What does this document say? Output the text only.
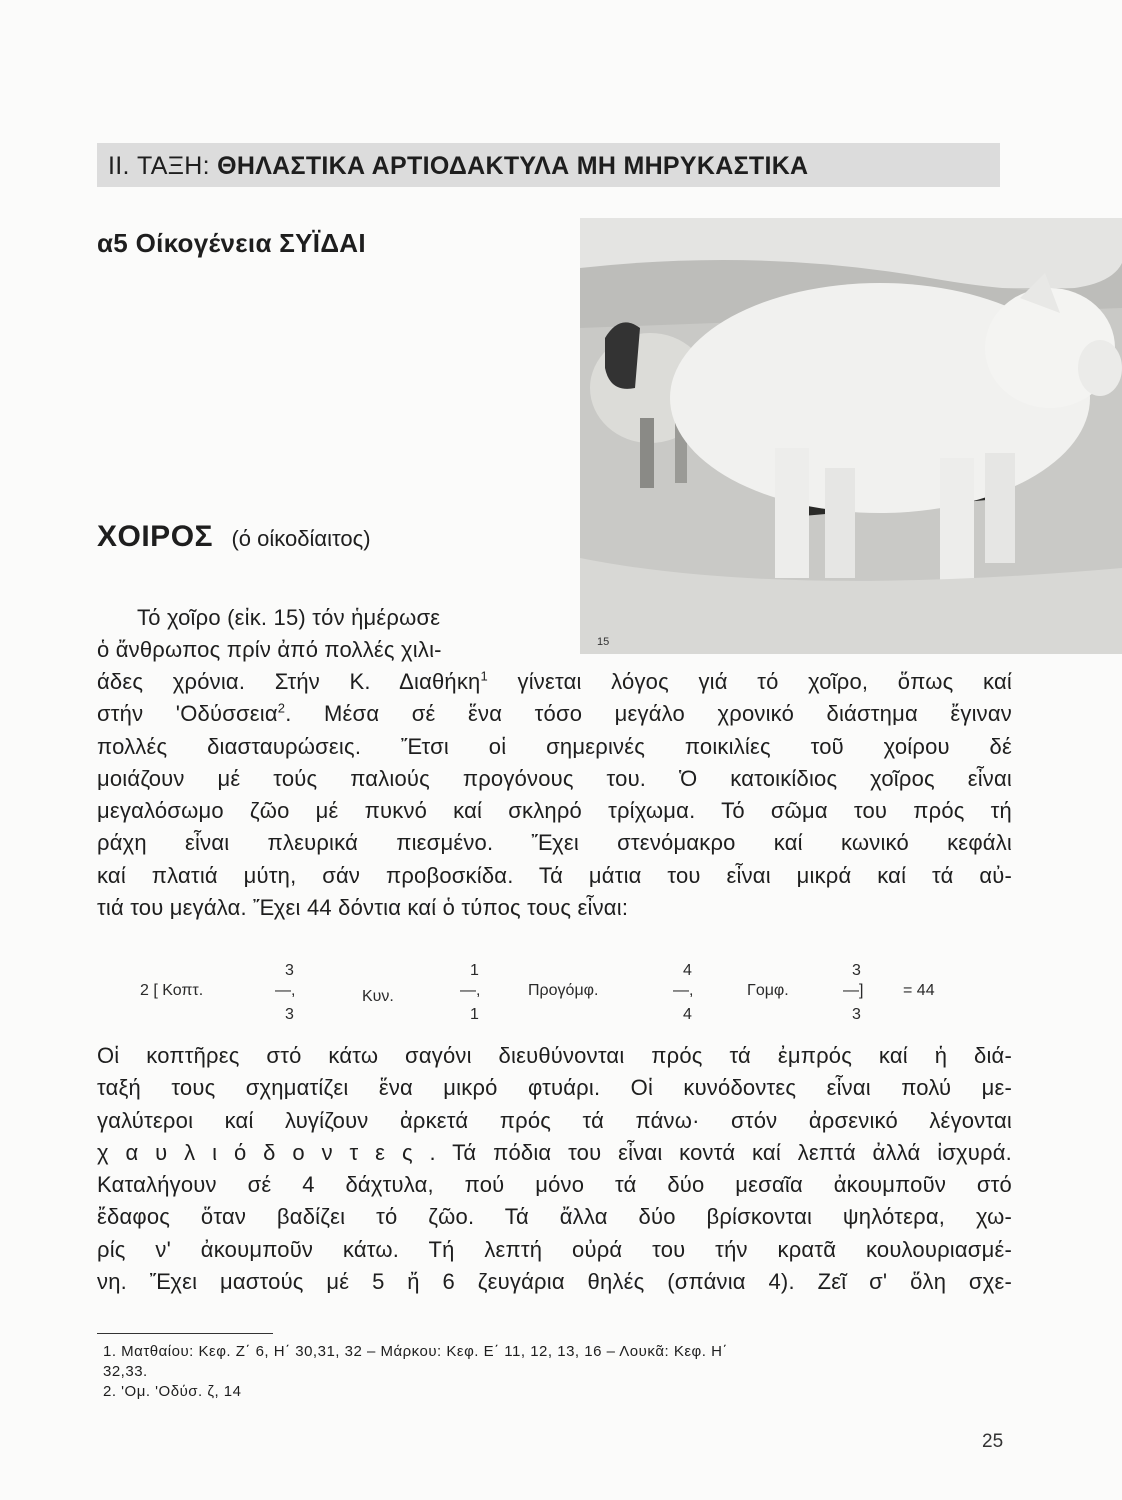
II. ΤΑΞΗ: ΘΗΛΑΣΤΙΚΑ ΑΡΤΙΟΔΑΚΤΥΛΑ ΜΗ ΜΗΡΥΚΑΣΤΙΚΑ
α5 Οίκογένεια ΣΥΪΔΑΙ
15
ΧΟΙΡΟΣ (ό οίκοδίαιτος)
Τό χοῖρο (εἰκ. 15) τόν ἡμέρωσε
ὁ ἄνθρωπος πρίν ἀπό πολλές χιλι-
άδες χρόνια. Στήν Κ. Διαθήκη$^1$ γίνεται λόγος γιά τό χοῖρο, ὅπως καί
στήν 'Οδύσσεια$^2$. Μέσα σέ ἕνα τόσο μεγάλο χρονικό διάστημα ἔγιναν
πολλές διασταυρώσεις. Ἔτσι οἱ σημερινές ποικιλίες τοῦ χοίρου δέ
μοιάζουν μέ τούς παλιούς προγόνους του. Ὁ κατοικίδιος χοῖρος εἶναι
μεγαλόσωμο ζῶο μέ πυκνό καί σκληρό τρίχωμα. Τό σῶμα του πρός τή
ράχη εἶναι πλευρικά πιεσμένο. Ἔχει στενόμακρο καί κωνικό κεφάλι
καί πλατιά μύτη, σάν προβοσκίδα. Τά μάτια του εἶναι μικρά καί τά αὐ-
τιά του μεγάλα. Ἔχει 44 δόντια καί ὁ τύπος τους εἶναι:
2 [ Κοπτ.
3
—,
3
Κυν.
1
—,
1
Προγόμφ.
4
—,
4
Γομφ.
3
—]
3
= 44
Οἱ κοπτῆρες στό κάτω σαγόνι διευθύνονται πρός τά ἐμπρός καί ἡ διά-
ταξή τους σχηματίζει ἕνα μικρό φτυάρι. Οἱ κυνόδοντες εἶναι πολύ με-
γαλύτεροι καί λυγίζουν ἀρκετά πρός τά πάνω· στόν ἀρσενικό λέγονται
χ α υ λ ι ό δ ο ν τ ε ς . Τά πόδια του εἶναι κοντά καί λεπτά ἀλλά ἰσχυρά.
Καταλήγουν σέ 4 δάχτυλα, πού μόνο τά δύο μεσαῖα ἀκουμποῦν στό
ἔδαφος ὅταν βαδίζει τό ζῶο. Τά ἄλλα δύο βρίσκονται ψηλότερα, χω-
ρίς ν' ἀκουμποῦν κάτω. Τή λεπτή οὐρά του τήν κρατᾶ κουλουριασμέ-
νη. Ἔχει μαστούς μέ 5 ἤ 6 ζευγάρια θηλές (σπάνια 4). Ζεῖ σ' ὅλη σχε-
1. Ματθαίου: Κεφ. Ζ΄ 6, Η΄ 30,31, 32 – Μάρκου: Κεφ. Ε΄ 11, 12, 13, 16 – Λουκᾶ: Κεφ. Η΄
32,33.
2. 'Ομ. 'Οδύσ. ζ, 14
25
